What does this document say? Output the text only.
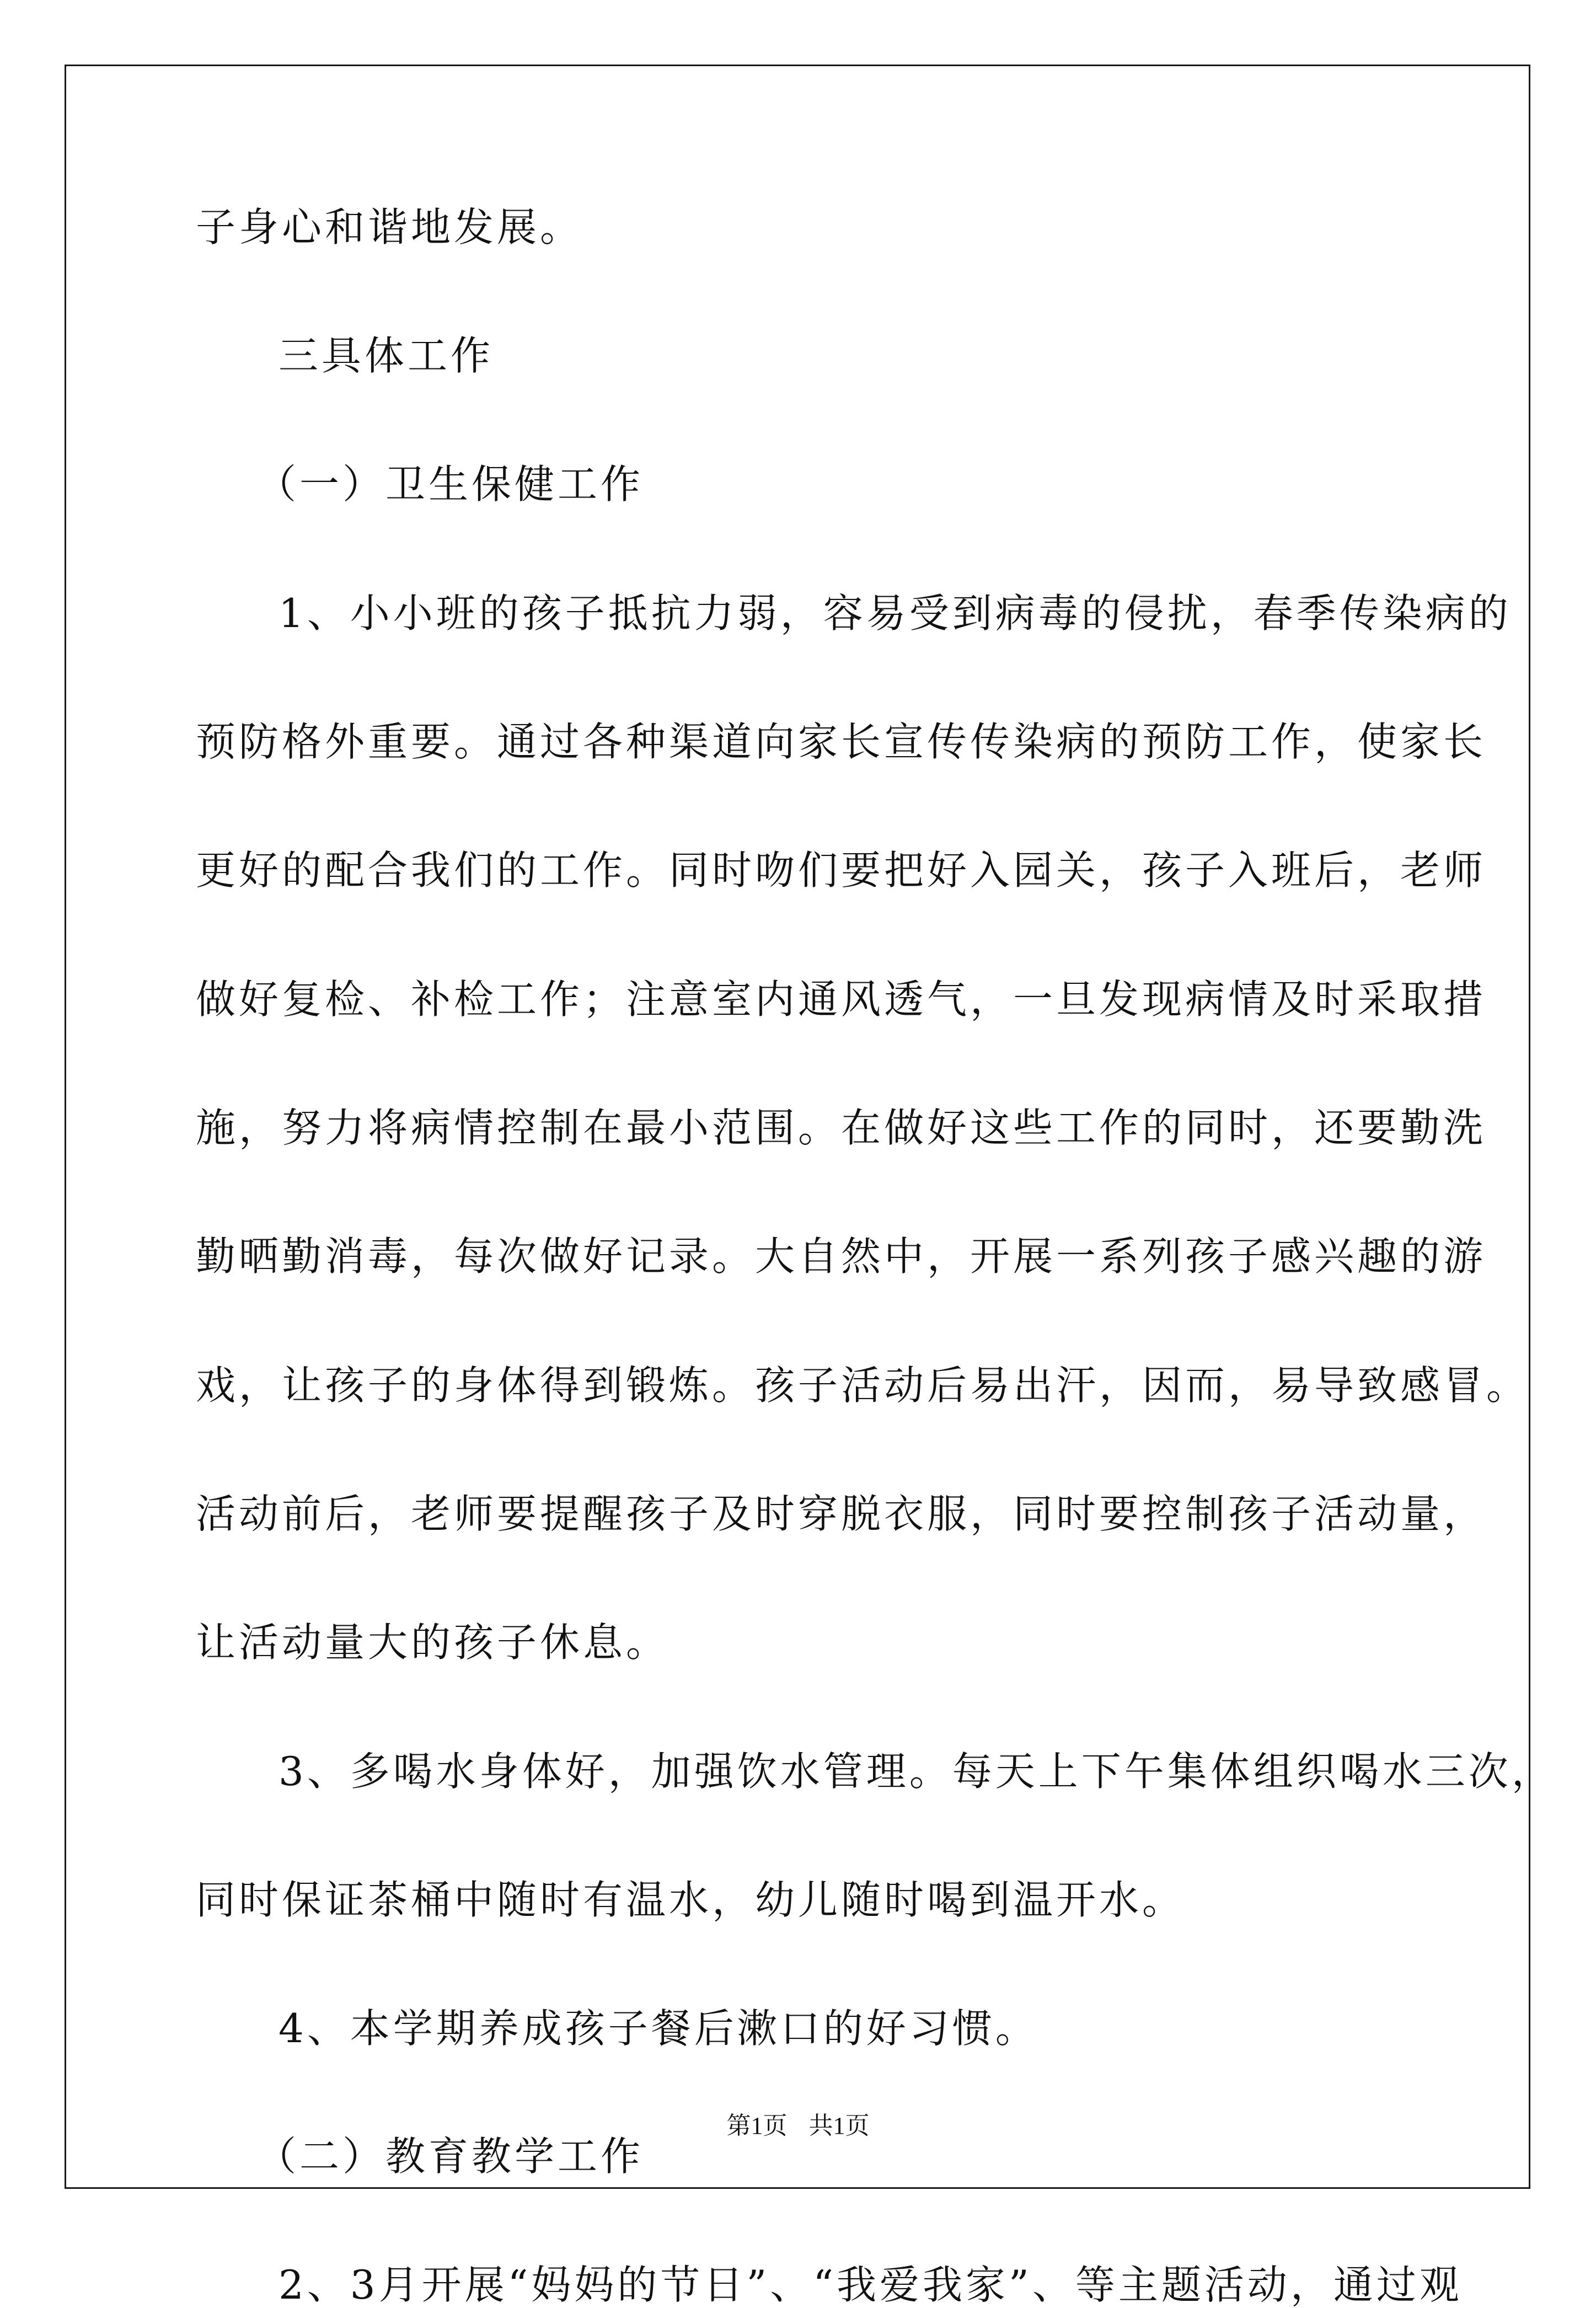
子身心和谐地发展。
三具体工作
（一）卫生保健工作
1、小小班的孩子抵抗力弱，容易受到病毒的侵扰，春季传染病的
预防格外重要。通过各种渠道向家长宣传传染病的预防工作，使家长
更好的配合我们的工作。同时吻们要把好入园关，孩子入班后，老师
做好复检、补检工作；注意室内通风透气，一旦发现病情及时采取措
施，努力将病情控制在最小范围。在做好这些工作的同时，还要勤洗
勤晒勤消毒，每次做好记录。大自然中，开展一系列孩子感兴趣的游
戏，让孩子的身体得到锻炼。孩子活动后易出汗，因而，易导致感冒。
活动前后，老师要提醒孩子及时穿脱衣服，同时要控制孩子活动量，
让活动量大的孩子休息。
3、多喝水身体好，加强饮水管理。每天上下午集体组织喝水三次，
同时保证茶桶中随时有温水，幼儿随时喝到温开水。
4、本学期养成孩子餐后漱口的好习惯。
（二）教育教学工作
2、3月开展“妈妈的节日”、“我爱我家”、等主题活动，通过观
第1页 共1页
